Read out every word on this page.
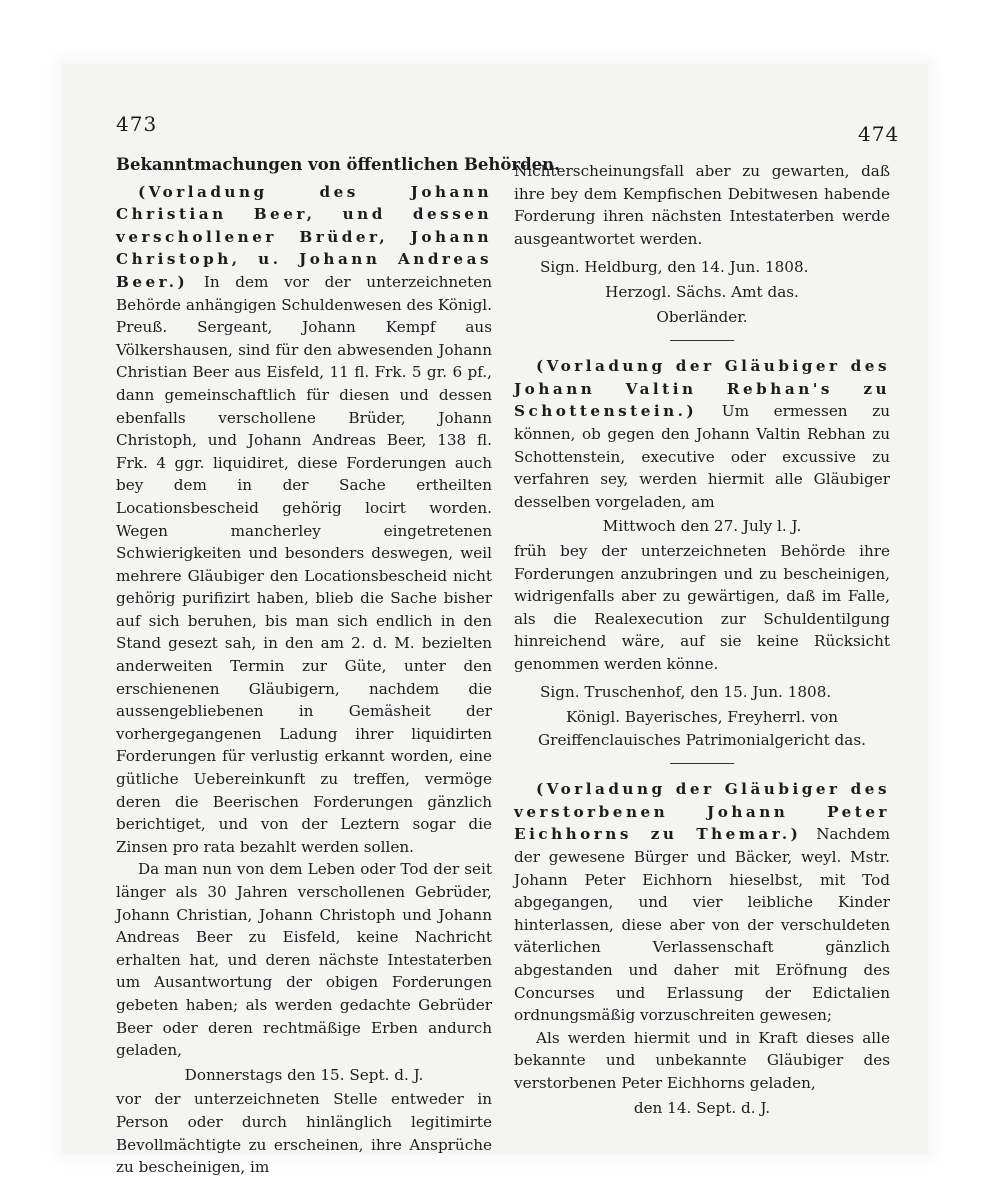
473	474
Bekanntmachungen von öffentlichen Behörden.

(Vorladung des Johann Christian Beer, und dessen verschollener Brüder, Johann Christoph, u. Johann Andreas Beer.) In dem vor der unterzeichneten Behörde anhängigen Schuldenwesen des Königl. Preuß. Sergeant, Johann Kempf aus Völkershausen, sind für den abwesenden Johann Christian Beer aus Eisfeld, 11 fl. Frk. 5 gr. 6 pf., dann gemeinschaftlich für diesen und dessen ebenfalls verschollene Brüder, Johann Christoph, und Johann Andreas Beer, 138 fl. Frk. 4 ggr. liquidiret, diese Forderungen auch bey dem in der Sache ertheilten Locationsbescheid gehörig locirt worden. Wegen mancherley eingetretenen Schwierigkeiten und besonders deswegen, weil mehrere Gläubiger den Locationsbescheid nicht gehörig purifizirt haben, blieb die Sache bisher auf sich beruhen, bis man sich endlich in den Stand gesezt sah, in den am 2. d. M. bezielten anderweiten Termin zur Güte, unter den erschienenen Gläubigern, nachdem die aussengebliebenen in Gemäsheit der vorhergegangenen Ladung ihrer liquidirten Forderungen für verlustig erkannt worden, eine gütliche Uebereinkunft zu treffen, vermöge deren die Beerischen Forderungen gänzlich berichtiget, und von der Leztern sogar die Zinsen pro rata bezahlt werden sollen.

Da man nun von dem Leben oder Tod der seit länger als 30 Jahren verschollenen Gebrüder, Johann Christian, Johann Christoph und Johann Andreas Beer zu Eisfeld, keine Nachricht erhalten hat, und deren nächste Intestaterben um Ausantwortung der obigen Forderungen gebeten haben; als werden gedachte Gebrüder Beer oder deren rechtmäßige Erben andurch geladen,

Donnerstags den 15. Sept. d. J.

vor der unterzeichneten Stelle entweder in Person oder durch hinlänglich legitimirte Bevollmächtigte zu erscheinen, ihre Ansprüche zu bescheinigen, im

Nichterscheinungsfall aber zu gewarten, daß ihre bey dem Kempfischen Debitwesen habende Forderung ihren nächsten Intestaterben werde ausgeantwortet werden.

Sign. Heldburg, den 14. Jun. 1808.

Herzogl. Sächs. Amt das.

Oberländer.

(Vorladung der Gläubiger des Johann Valtin Rebhan's zu Schottenstein.) Um ermessen zu können, ob gegen den Johann Valtin Rebhan zu Schottenstein, executive oder excussive zu verfahren sey, werden hiermit alle Gläubiger desselben vorgeladen, am

Mittwoch den 27. July l. J.

früh bey der unterzeichneten Behörde ihre Forderungen anzubringen und zu bescheinigen, widrigenfalls aber zu gewärtigen, daß im Falle, als die Realexecution zur Schuldentilgung hinreichend wäre, auf sie keine Rücksicht genommen werden könne.

Sign. Truschenhof, den 15. Jun. 1808.

Königl. Bayerisches, Freyherrl. von Greiffenclauisches Patrimonialgericht das.

(Vorladung der Gläubiger des verstorbenen Johann Peter Eichhorns zu Themar.) Nachdem der gewesene Bürger und Bäcker, weyl. Mstr. Johann Peter Eichhorn hieselbst, mit Tod abgegangen, und vier leibliche Kinder hinterlassen, diese aber von der verschuldeten väterlichen Verlassenschaft gänzlich abgestanden und daher mit Eröfnung des Concurses und Erlassung der Edictalien ordnungsmäßig vorzuschreiten gewesen;

Als werden hiermit und in Kraft dieses alle bekannte und unbekannte Gläubiger des verstorbenen Peter Eichhorns geladen,

den 14. Sept. d. J.
